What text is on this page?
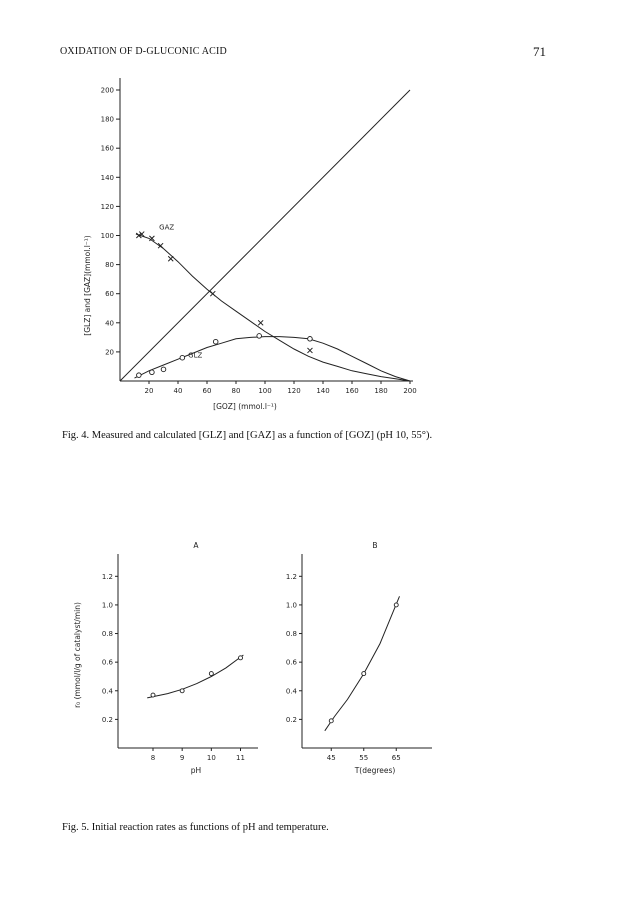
OXIDATION OF D-GLUCONIC ACID	71
20
40
60
80
100
120
140
160
180
200
20	40	60	80	100 120 140 160 180 200
[GOZ] (mmol.l⁻¹)
[GLZ] and [GAZ](mmol.l⁻¹)
GAZ
GLZ
0.2
0.4
0.6
0.8
1.0
1.2
8	9	10	11
pH
A
r₀ (mmol/l/g of catalyst/min)
0.2
0.4
0.6
0.8
1.0
1.2
45	55	65
T(degrees)
B
Fig. 4. Measured and calculated [GLZ] and [GAZ] as a function of [GOZ] (pH 10, 55°).
Fig. 5. Initial reaction rates as functions of pH and temperature.
